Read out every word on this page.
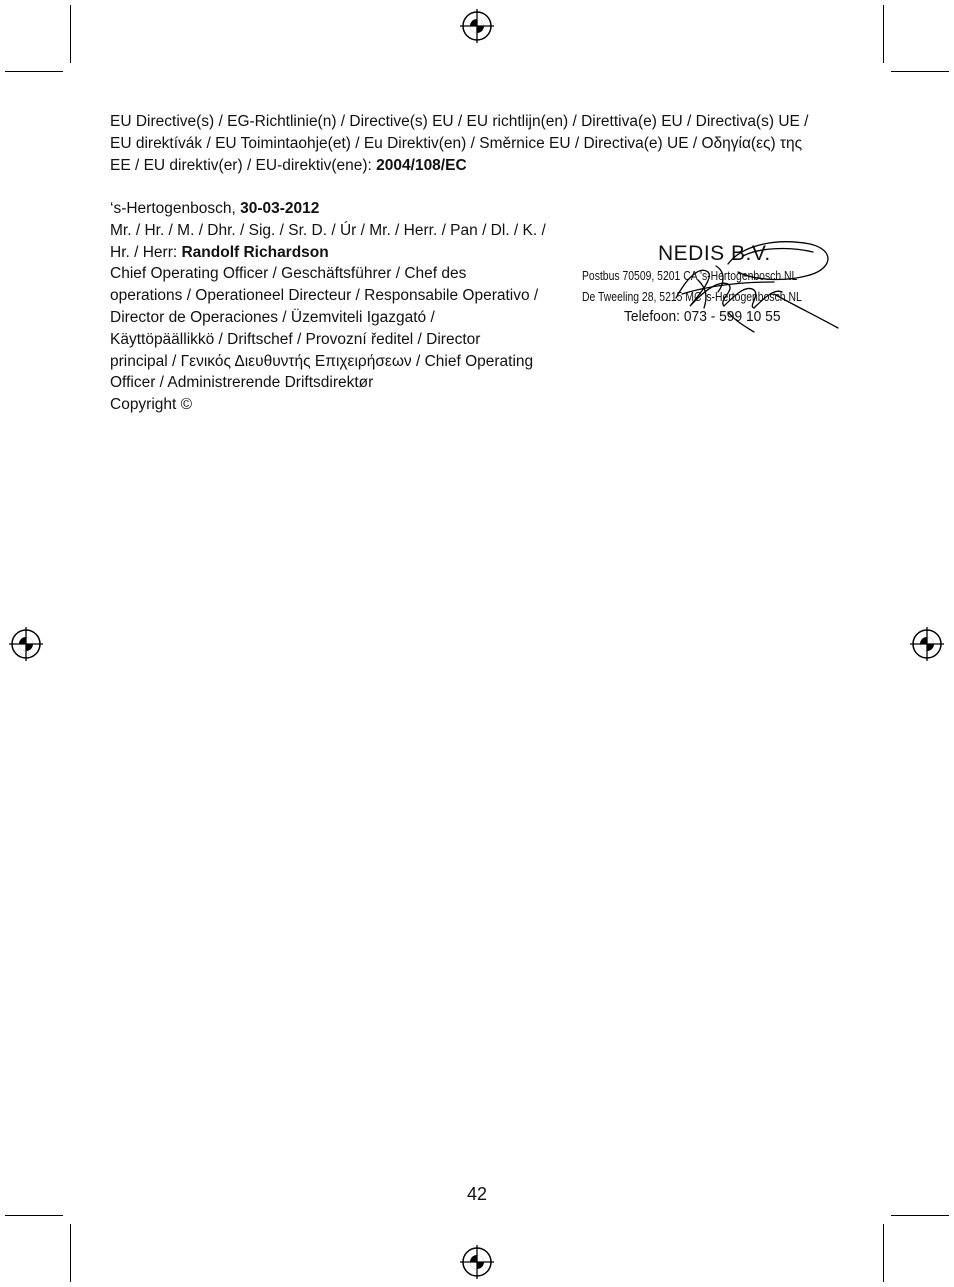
EU Directive(s) / EG-Richtlinie(n) / Directive(s) EU / EU richtlijn(en) / Direttiva(e) EU / Directiva(s) UE /
EU direktívák / EU Toimintaohje(et) / Eu Direktiv(en) / Směrnice EU / Directiva(e) UE / Οδηγία(ες) της
EE / EU direktiv(er) / EU-direktiv(ene): 2004/108/EC
‘s-Hertogenbosch, 30-03-2012
Mr. / Hr. / M. / Dhr. / Sig. / Sr. D. / Úr / Mr. / Herr. / Pan / Dl. / K. /
Hr. / Herr: Randolf Richardson
Chief Operating Officer / Geschäftsführer / Chef des
operations / Operationeel Directeur / Responsabile Operativo /
Director de Operaciones / Üzemviteli Igazgató /
Käyttöpäällikkö / Driftschef / Provozní ředitel / Director
principal / Γενικός Διευθυντής Επιχειρήσεων / Chief Operating
Officer / Administrerende Driftsdirektør
Copyright ©
NEDIS B.V.
Postbus 70509, 5201 CA 's-Hertogenbosch NL
De Tweeling 28, 5215 MC 's-Hertogenbosch NL
Telefoon: 073 - 599 10 55
42
